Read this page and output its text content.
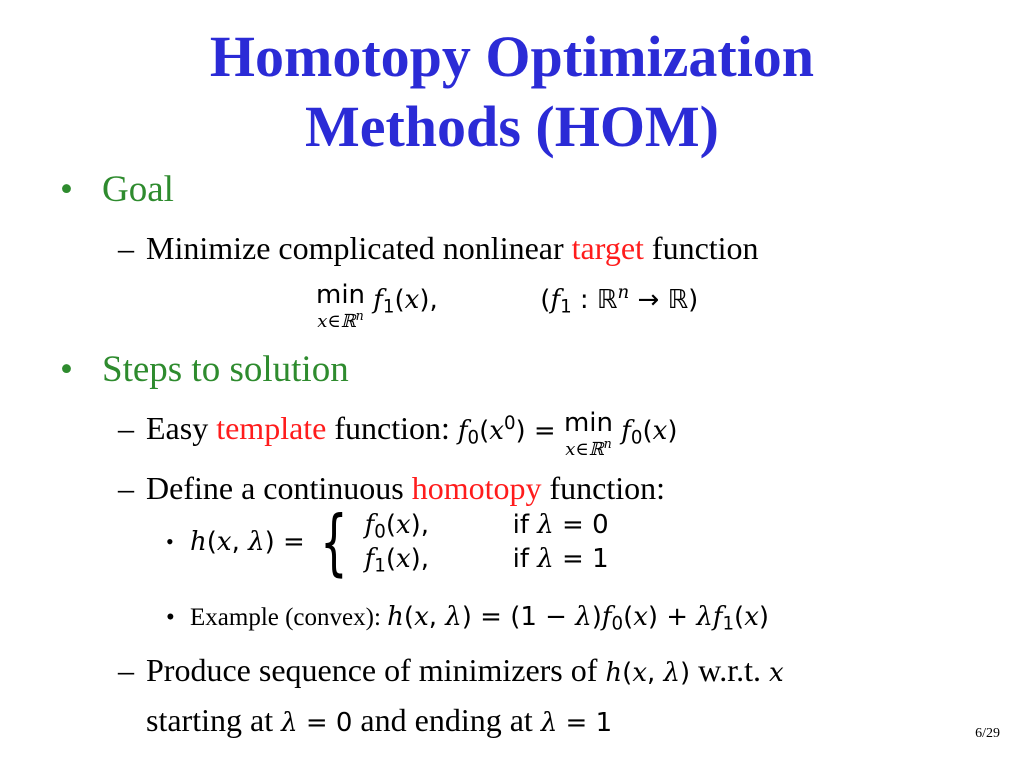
Homotopy Optimization
Methods (HOM)
• Goal
– Minimize complicated nonlinear target function
min
x∈ℝ$^n$
$f_1(x)$,	($f_1$ : ℝ$^n$ → ℝ)
• Steps to solution
– Easy template function: $f_0(x^0) = \min$
x∈ℝ$^n$ $f_0(x)$
– Define a continuous homotopy function:
• h(x, λ) = { $f_0(x)$,	if λ = 0
$f_1(x)$,	if λ = 1
• Example (convex): h(x, $\lambda) = (1 - \lambda)f_0(x) + \lambda f_1(x)$
– Produce sequence of minimizers of h(x, λ) w.r.t. x
starting at λ = 0 and ending at λ = 1	6/29
